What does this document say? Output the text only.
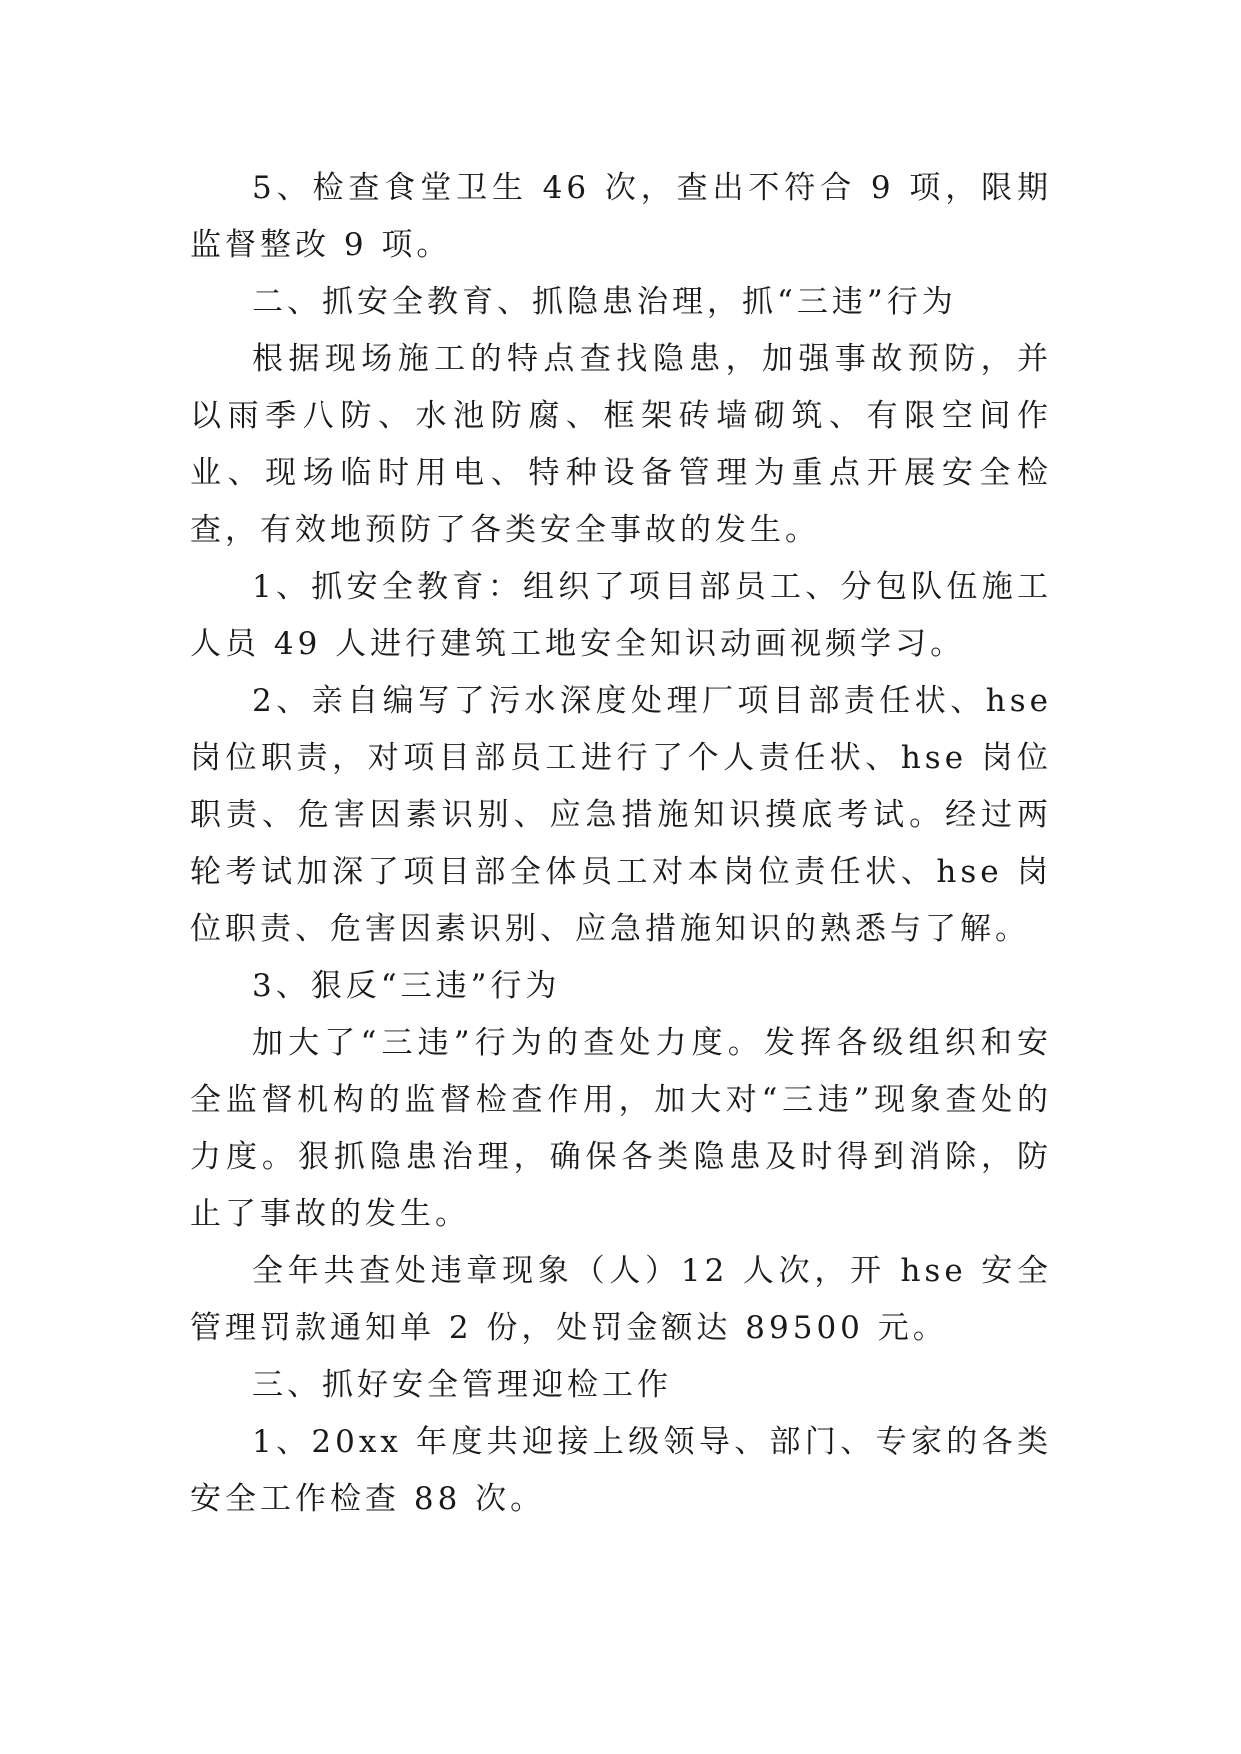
5、检查食堂卫生 46 次，查出不符合 9 项，限期监督整改 9 项。

二、抓安全教育、抓隐患治理，抓“三违”行为

根据现场施工的特点查找隐患，加强事故预防，并以雨季八防、水池防腐、框架砖墙砌筑、有限空间作业、现场临时用电、特种设备管理为重点开展安全检查，有效地预防了各类安全事故的发生。

1、抓安全教育：组织了项目部员工、分包队伍施工人员 49 人进行建筑工地安全知识动画视频学习。

2、亲自编写了污水深度处理厂项目部责任状、hse 岗位职责，对项目部员工进行了个人责任状、hse 岗位职责、危害因素识别、应急措施知识摸底考试。经过两轮考试加深了项目部全体员工对本岗位责任状、hse 岗位职责、危害因素识别、应急措施知识的熟悉与了解。

3、狠反“三违”行为

加大了“三违”行为的查处力度。发挥各级组织和安全监督机构的监督检查作用，加大对“三违”现象查处的力度。狠抓隐患治理，确保各类隐患及时得到消除，防止了事故的发生。

全年共查处违章现象（人）12 人次，开 hse 安全管理罚款通知单 2 份，处罚金额达 89500 元。

三、抓好安全管理迎检工作

1、20xx 年度共迎接上级领导、部门、专家的各类安全工作检查 88 次。
